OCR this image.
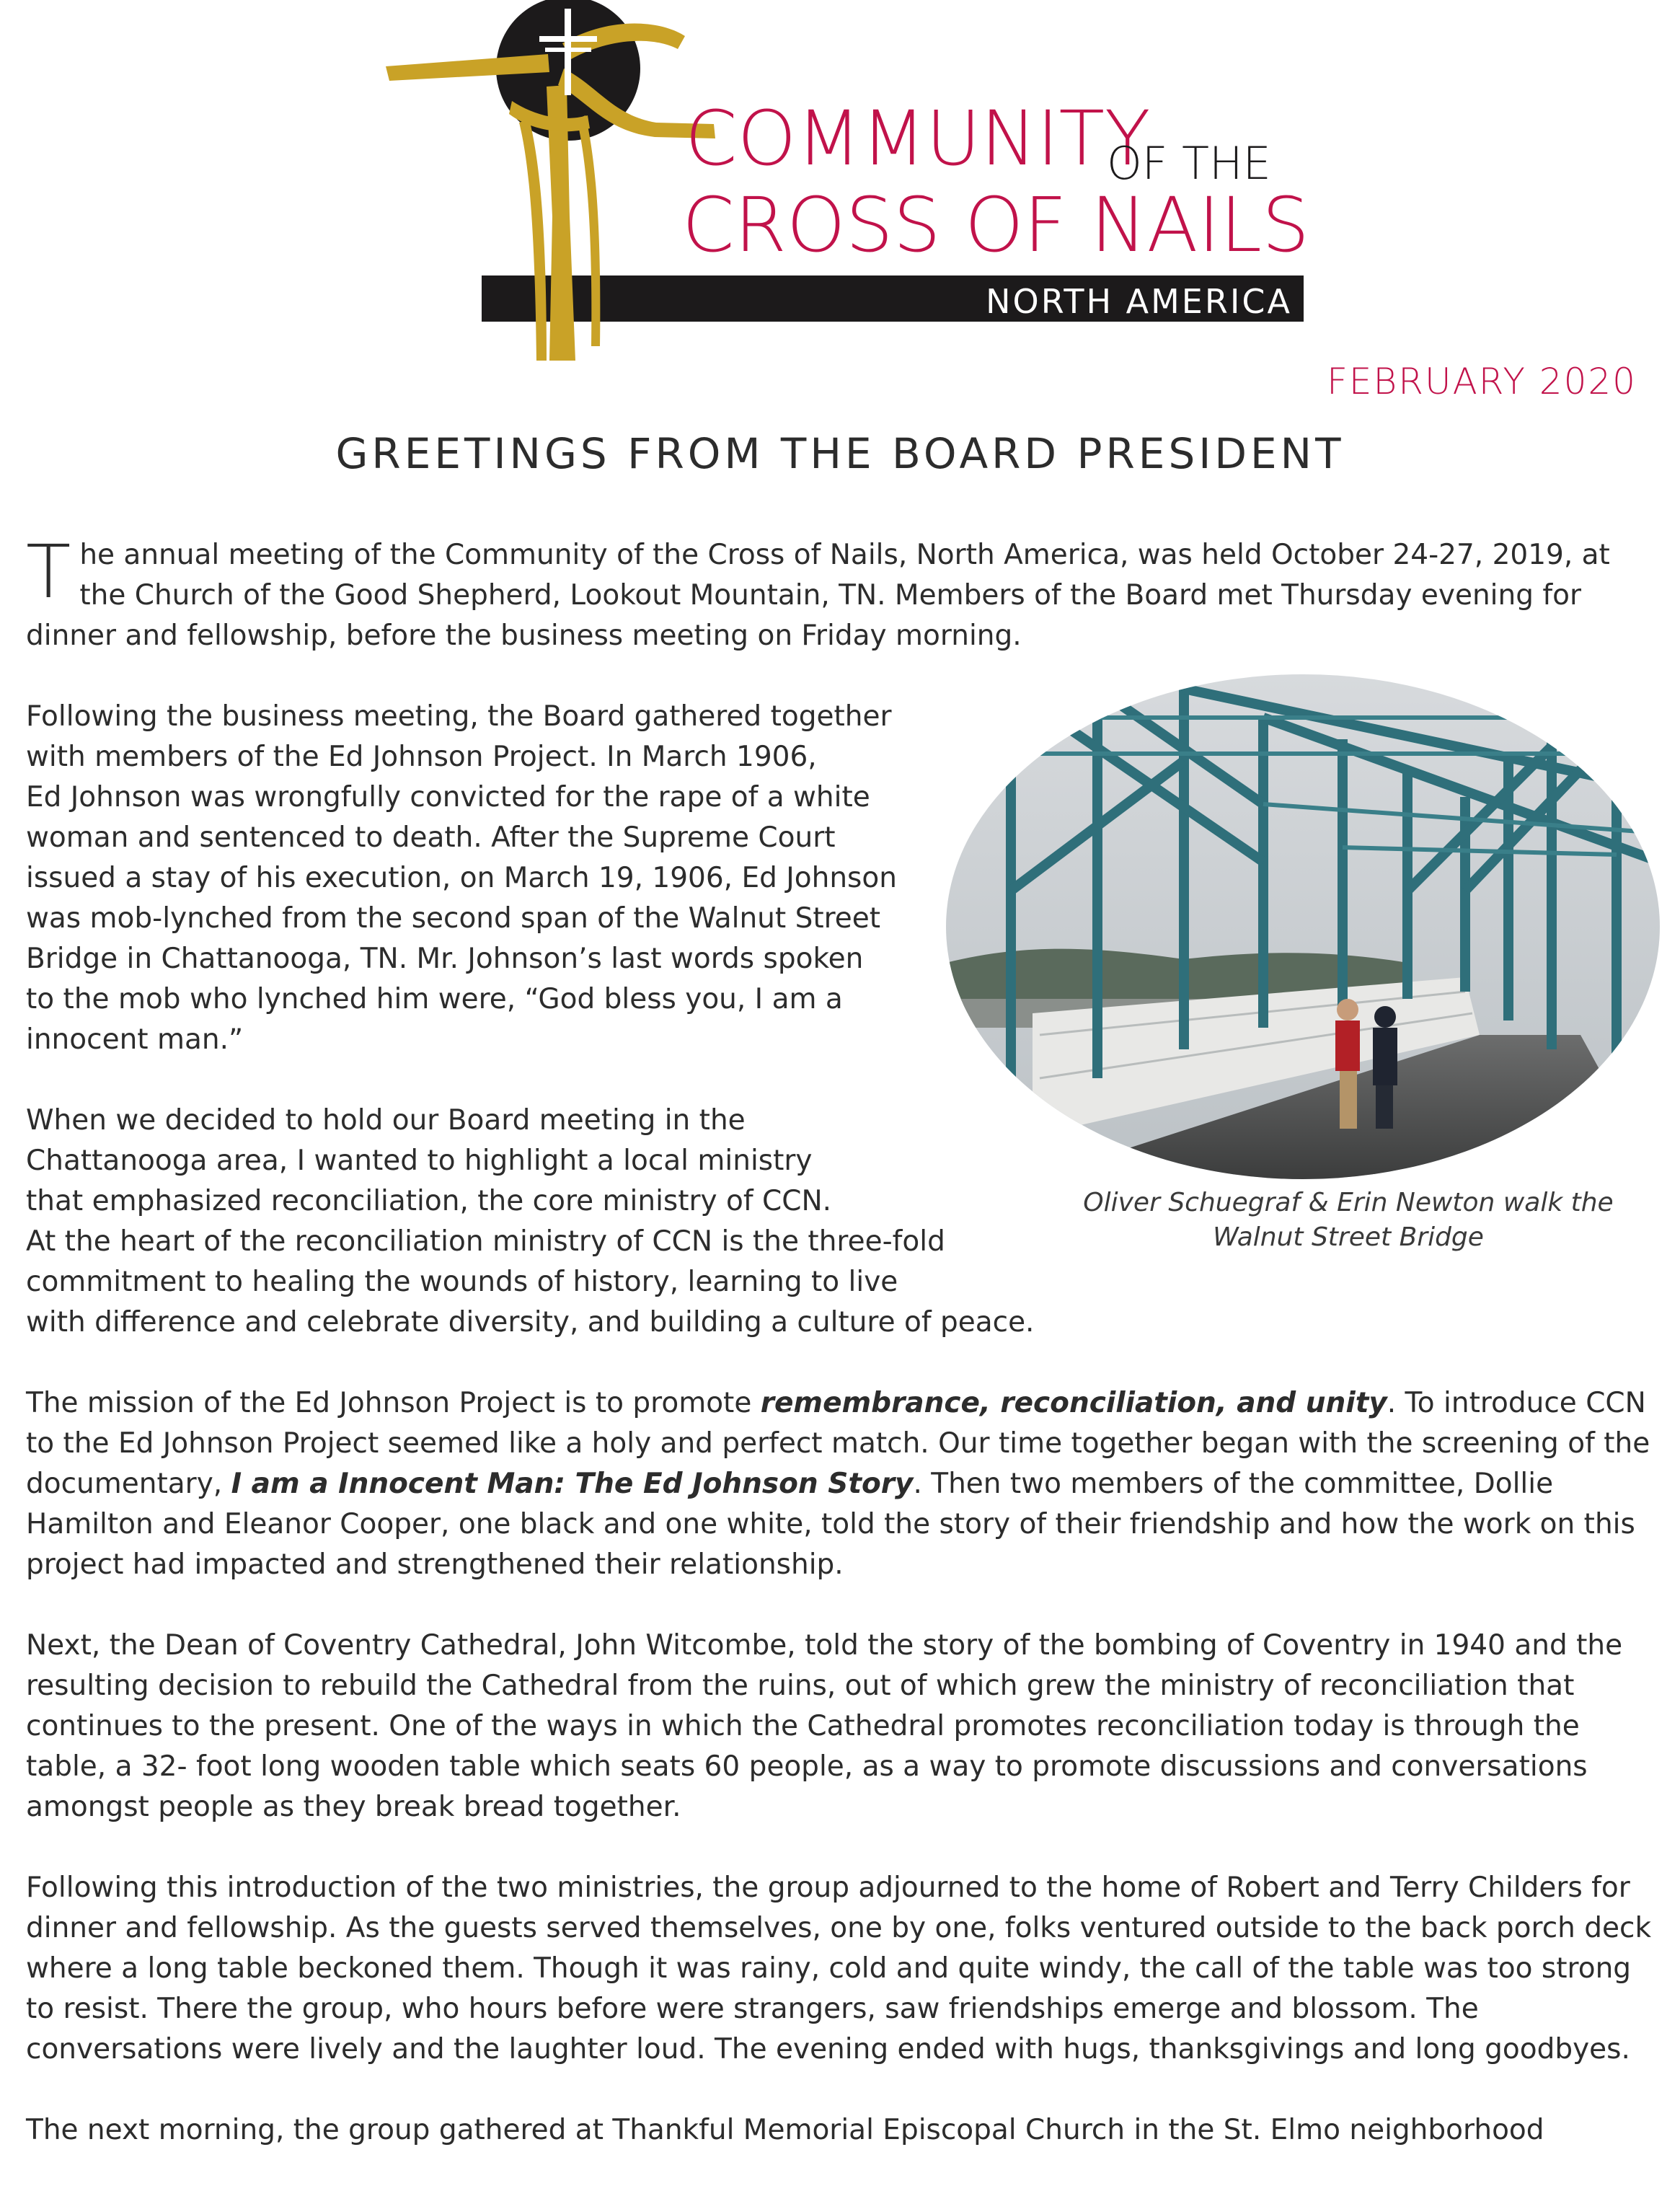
NORTH AMERICA
COMMUNITY
OF THE
CROSS OF NAILS
FEBRUARY 2020
GREETINGS FROM THE BOARD PRESIDENT
Oliver Schuegraf & Erin Newton walk the
Walnut Street Bridge

The annual meeting of the Community of the Cross of Nails, North America, was held October 24-27, 2019, at the Church of the Good Shepherd, Lookout Mountain, TN. Members of the Board met Thursday evening for dinner and fellowship, before the business meeting on Friday morning.

Following the business meeting, the Board gathered together
with members of the Ed Johnson Project. In March 1906,
Ed Johnson was wrongfully convicted for the rape of a white
woman and sentenced to death. After the Supreme Court
issued a stay of his execution, on March 19, 1906, Ed Johnson
was mob-lynched from the second span of the Walnut Street
Bridge in Chattanooga, TN. Mr. Johnson’s last words spoken
to the mob who lynched him were, “God bless you, I am a
innocent man.”
When we decided to hold our Board meeting in the
Chattanooga area, I wanted to highlight a local ministry
that emphasized reconciliation, the core ministry of CCN.
At the heart of the reconciliation ministry of CCN is the three-fold
commitment to healing the wounds of history, learning to live
with difference and celebrate diversity, and building a culture of peace.

The mission of the Ed Johnson Project is to promote remembrance, reconciliation, and unity. To introduce CCN to the Ed Johnson Project seemed like a holy and perfect match. Our time together began with the screening of the documentary, I am a Innocent Man: The Ed Johnson Story. Then two members of the committee, Dollie Hamilton and Eleanor Cooper, one black and one white, told the story of their friendship and how the work on this project had impacted and strengthened their relationship.

Next, the Dean of Coventry Cathedral, John Witcombe, told the story of the bombing of Coventry in 1940 and the resulting decision to rebuild the Cathedral from the ruins, out of which grew the ministry of reconciliation that continues to the present. One of the ways in which the Cathedral promotes reconciliation today is through the table, a 32- foot long wooden table which seats 60 people, as a way to promote discussions and conversations amongst people as they break bread together.

Following this introduction of the two ministries, the group adjourned to the home of Robert and Terry Childers for dinner and fellowship. As the guests served themselves, one by one, folks ventured outside to the back porch deck where a long table beckoned them. Though it was rainy, cold and quite windy, the call of the table was too strong to resist. There the group, who hours before were strangers, saw friendships emerge and blossom. The conversations were lively and the laughter loud. The evening ended with hugs, thanksgivings and long goodbyes.

The next morning, the group gathered at Thankful Memorial Episcopal Church in the St. Elmo neighborhood
